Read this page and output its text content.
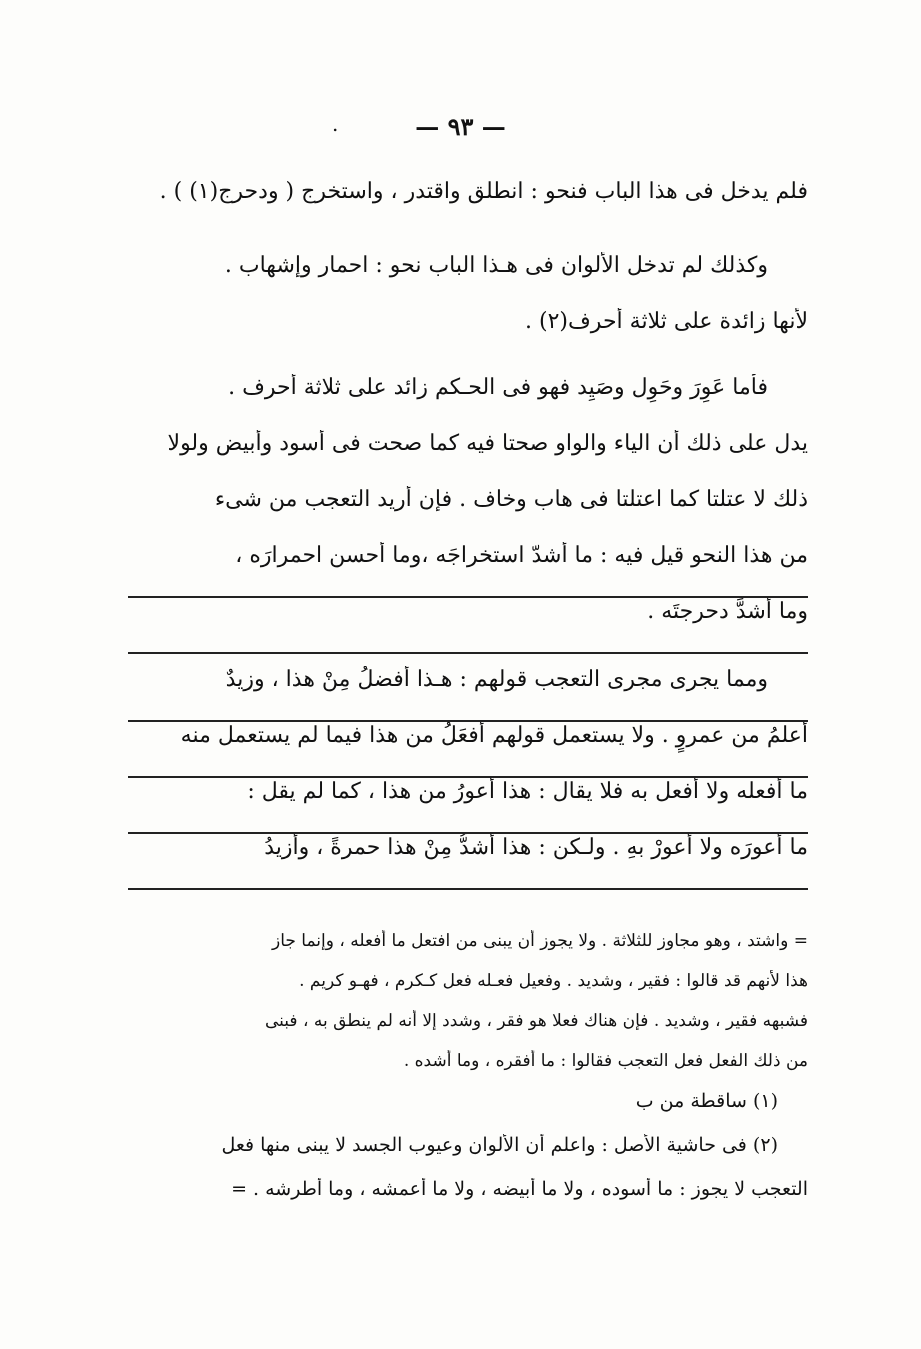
.	— ٩٣ —
فلم يدخل فى هذا الباب فنحو : انطلق واقتدر ، واستخرج ( ودحرج(١) ) .
وكذلك لم تدخل الألوان فى هـذا الباب نحو : احمار وإشهاب .
لأنها زائدة على ثلاثة أحرف(٢) .
فأما عَوِرَ وحَوِل وصَيِد فهو فى الحـكم زائد على ثلاثة أحرف .
يدل على ذلك أن الياء والواو صحتا فيه كما صحت فى أسود وأبيض ولولا
ذلك لا عتلتا كما اعتلتا فى هاب وخاف . فإن أريد التعجب من شىء
من هذا النحو قيل فيه : ما أشدّ استخراجَه ،وما أحسن احمرارَه ،
وما أشدَّ دحرجتَه .
ومما يجرى مجرى التعجب قولهم : هـذا أفضلُ مِنْ هذا ، وزيدٌ
أعلمُ من عمروٍ . ولا يستعمل قولهم أفعَلُ من هذا فيما لم يستعمل منه
ما أفعله ولا أفعل به فلا يقال : هذا أعورُ من هذا ، كما لم يقل :
ما أعورَه ولا أعورْ بهِ . ولـكن : هذا أشدُّ مِنْ هذا حمرةً ، وأزيدُ
= واشتد ، وهو مجاوز للثلاثة . ولا يجوز أن يبنى من افتعل ما أفعله ، وإنما جاز
هذا لأنهم قد قالوا : فقير ، وشديد . وفعيل فعـله فعل كـكرم ، فهـو كريم .
فشبهه فقير ، وشديد . فإن هناك فعلا هو فقر ، وشدد إلا أنه لم ينطق به ، فبنى
من ذلك الفعل فعل التعجب فقالوا : ما أفقره ، وما أشده .
(١) ساقطة من ب
(٢) فى حاشية الأصل : واعلم أن الألوان وعيوب الجسد لا يبنى منها فعل
التعجب لا يجوز : ما أسوده ، ولا ما أبيضه ، ولا ما أعمشه ، وما أطرشه . =
